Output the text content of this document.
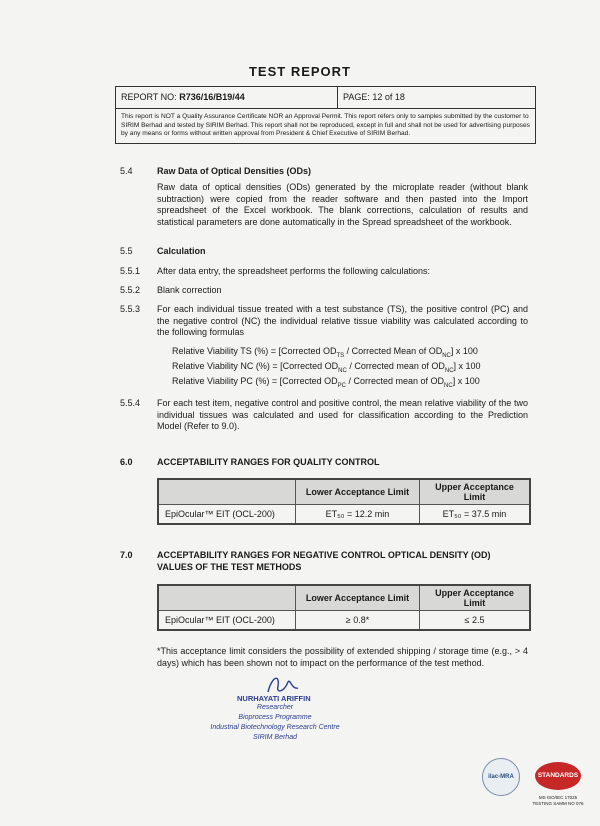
TEST REPORT
REPORT NO: R736/16/B19/44	PAGE: 12 of 18
This report is NOT a Quality Assurance Certificate NOR an Approval Permit. This report refers only to samples submitted by the customer to SIRIM Berhad and tested by SIRIM Berhad. This report shall not be reproduced, except in full and shall not be used for advertising purposes by any means or forms without written approval from President & Chief Executive of SIRIM Berhad.
5.4	Raw Data of Optical Densities (ODs)
Raw data of optical densities (ODs) generated by the microplate reader (without blank subtraction) were copied from the reader software and then pasted into the Import spreadsheet of the Excel workbook. The blank corrections, calculation of results and statistical parameters are done automatically in the Spread spreadsheet of the workbook.
5.5	Calculation
5.5.1 After data entry, the spreadsheet performs the following calculations:
5.5.2 Blank correction
5.5.3 For each individual tissue treated with a test substance (TS), the positive control (PC) and the negative control (NC) the individual relative tissue viability was calculated according to the following formulas
Relative Viability TS (%) = [Corrected $OD_{TS}$ / Corrected Mean of $OD_{NC}$] x 100
Relative Viability NC (%) = [Corrected $OD_{NC}$ / Corrected mean of $OD_{NC}$] x 100
Relative Viability PC (%) = [Corrected $OD_{PC}$ / Corrected mean of $OD_{NC}$] x 100
5.5.4 For each test item, negative control and positive control, the mean relative viability of the two individual tissues was calculated and used for classification according to the Prediction Model (Refer to 9.0).
6.0	ACCEPTABILITY RANGES FOR QUALITY CONTROL
	Lower Acceptance Limit	Upper Acceptance Limit
EpiOcular™ EIT (OCL-200)	ET₅₀ = 12.2 min	ET₅₀ = 37.5 min
7.0	ACCEPTABILITY RANGES FOR NEGATIVE CONTROL OPTICAL DENSITY (OD)
VALUES OF THE TEST METHODS
	Lower Acceptance Limit	Upper Acceptance Limit
EpiOcular™ EIT (OCL-200)	≥ 0.8*	≤ 2.5
*This acceptance limit considers the possibility of extended shipping / storage time (e.g., > 4 days) which has been shown not to impact on the performance of the test method.
NURHAYATI ARIFFIN
Researcher
Bioprocess Programme
Industrial Biotechnology Research Centre
SIRIM Berhad
ilac-MRA	STANDARDS
MS ISO/IEC 17025 TESTING SAMM NO 076
